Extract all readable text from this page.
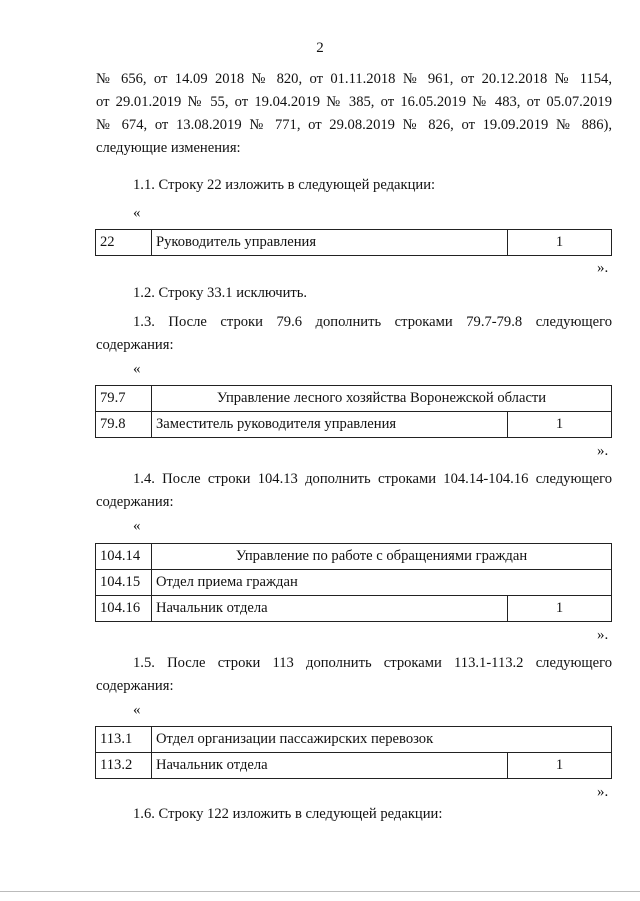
2
№ 656, от 14.09 2018 № 820, от 01.11.2018 № 961, от 20.12.2018 № 1154,
от 29.01.2019 № 55, от 19.04.2019 № 385, от 16.05.2019 № 483, от 05.07.2019
№ 674, от 13.08.2019 № 771, от 29.08.2019 № 826, от 19.09.2019 № 886),
следующие изменения:
1.1. Строку 22 изложить в следующей редакции:
«
22	Руководитель управления	1
».
1.2. Строку 33.1 исключить.
1.3. После строки 79.6 дополнить строками 79.7-79.8 следующего
содержания:
«
79.7	Управление лесного хозяйства Воронежской области	
79.8	Заместитель руководителя управления	1
».
1.4. После строки 104.13 дополнить строками 104.14-104.16 следующего
содержания:
«
104.14	Управление по работе с обращениями граждан	
104.15	Отдел приема граждан	
104.16	Начальник отдела	1
».
1.5. После строки 113 дополнить строками 113.1-113.2 следующего
содержания:
«
113.1	Отдел организации пассажирских перевозок	
113.2	Начальник отдела	1
».
1.6. Строку 122 изложить в следующей редакции:
